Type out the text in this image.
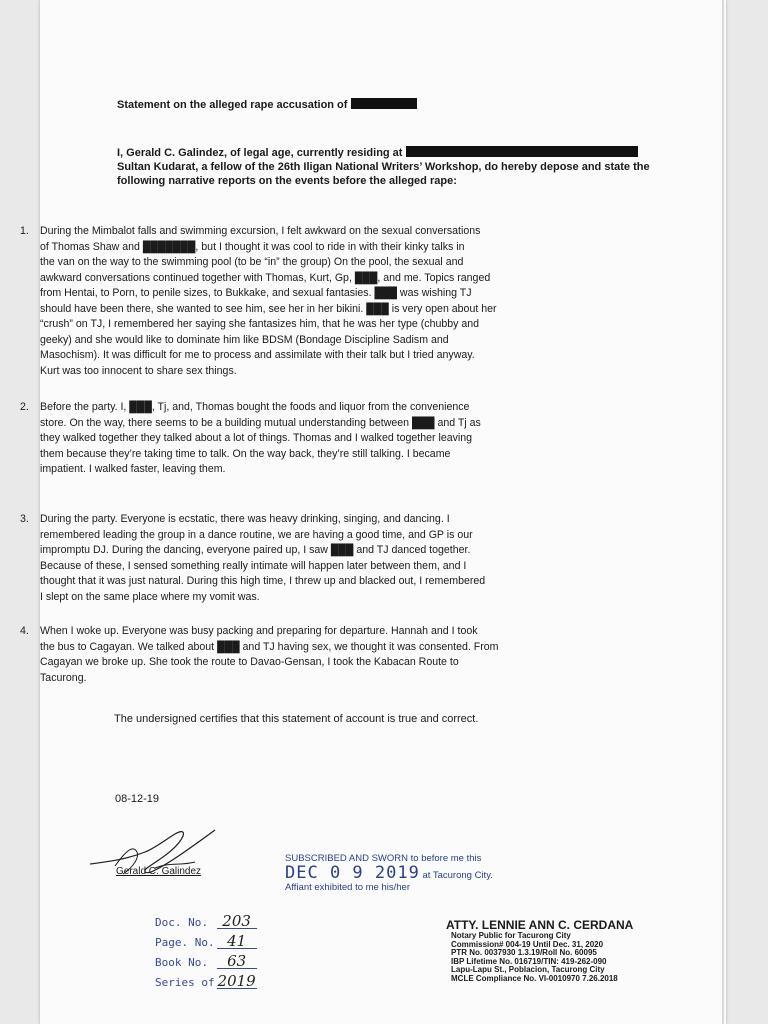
Statement on the alleged rape accusation of
I, Gerald C. Galindez, of legal age, currently residing at
Sultan Kudarat, a fellow of the 26th Iligan National Writers’ Workshop, do hereby depose and state the
following narrative reports on the events before the alleged rape:
1. During the Mimbalot falls and swimming excursion, I felt awkward on the sexual conversations
of Thomas Shaw and ███████, but I thought it was cool to ride in with their kinky talks in
the van on the way to the swimming pool (to be “in” the group) On the pool, the sexual and
awkward conversations continued together with Thomas, Kurt, Gp, ███, and me. Topics ranged
from Hentai, to Porn, to penile sizes, to Bukkake, and sexual fantasies. ███ was wishing TJ
should have been there, she wanted to see him, see her in her bikini. ███ is very open about her
“crush” on TJ, I remembered her saying she fantasizes him, that he was her type (chubby and
geeky) and she would like to dominate him like BDSM (Bondage Discipline Sadism and
Masochism). It was difficult for me to process and assimilate with their talk but I tried anyway.
Kurt was too innocent to share sex things.
2. Before the party. I, ███, Tj, and, Thomas bought the foods and liquor from the convenience
store. On the way, there seems to be a building mutual understanding between ███ and Tj as
they walked together they talked about a lot of things. Thomas and I walked together leaving
them because they’re taking time to talk. On the way back, they’re still talking. I became
impatient. I walked faster, leaving them.
3. During the party. Everyone is ecstatic, there was heavy drinking, singing, and dancing. I
remembered leading the group in a dance routine, we are having a good time, and GP is our
impromptu DJ. During the dancing, everyone paired up, I saw ███ and TJ danced together.
Because of these, I sensed something really intimate will happen later between them, and I
thought that it was just natural. During this high time, I threw up and blacked out, I remembered
I slept on the same place where my vomit was.
4. When I woke up. Everyone was busy packing and preparing for departure. Hannah and I took
the bus to Cagayan. We talked about ███ and TJ having sex, we thought it was consented. From
Cagayan we broke up. She took the route to Davao-Gensan, I took the Kabacan Route to
Tacurong.
The undersigned certifies that this statement of account is true and correct.
08-12-19
Gerald C. Galindez
SUBSCRIBED AND SWORN to before me this
DEC 0 9 2019 at Tacurong City.
Affiant exhibited to me his/her
Doc. No. 203
Page. No. 41
Book No. 63
Series of 2019
ATTY. LENNIE ANN C. CERDANA
Notary Public for Tacurong City
Commission# 004-19 Until Dec. 31, 2020
PTR No. 0037930 1.3.19/Roll No. 60095
IBP Lifetime No. 016719/TIN: 419-262-090
Lapu-Lapu St., Poblacion, Tacurong City
MCLE Compliance No. VI-0010970 7.26.2018
